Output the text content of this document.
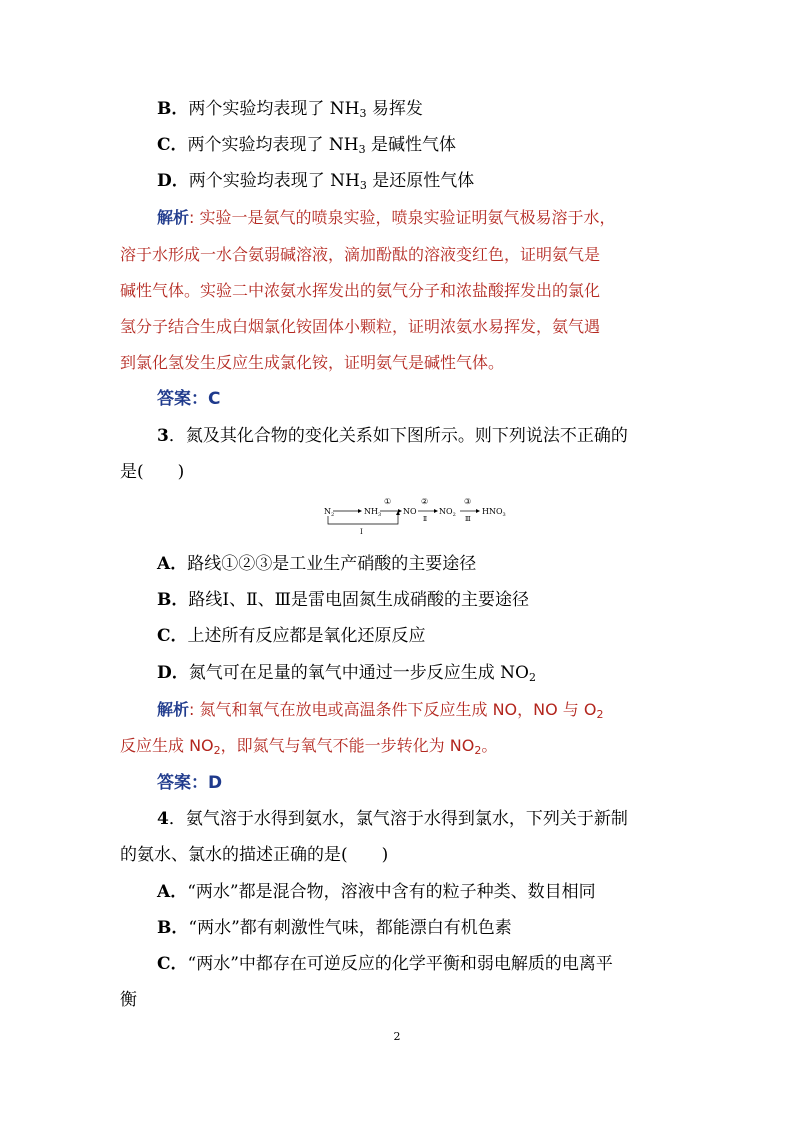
B．两个实验均表现了 $NH_3$ 易挥发
C．两个实验均表现了 $NH_3$ 是碱性气体
D．两个实验均表现了 $NH_3$ 是还原性气体
解析: 实验一是氨气的喷泉实验，喷泉实验证明氨气极易溶于水，
溶于水形成一水合氨弱碱溶液，滴加酚酞的溶液变红色，证明氨气是
碱性气体。实验二中浓氨水挥发出的氨气分子和浓盐酸挥发出的氯化
氢分子结合生成白烟氯化铵固体小颗粒，证明浓氨水易挥发，氨气遇
到氯化氢发生反应生成氯化铵，证明氨气是碱性气体。
答案：C
3．氮及其化合物的变化关系如下图所示。则下列说法不正确的
是(　　)
$N_2$	$NH_3$
①
NO
②
Ⅱ
$NO_2$
③
Ⅲ
$HNO_3$
Ⅰ
A．路线①②③是工业生产硝酸的主要途径
B．路线Ⅰ、Ⅱ、Ⅲ是雷电固氮生成硝酸的主要途径
C．上述所有反应都是氧化还原反应
D．氮气可在足量的氧气中通过一步反应生成 $NO_2$
解析: 氮气和氧气在放电或高温条件下反应生成 NO，NO 与 $O_2$
反应生成 $NO_2$，即氮气与氧气不能一步转化为 $NO_2$。
答案：D
4．氨气溶于水得到氨水，氯气溶于水得到氯水，下列关于新制
的氨水、氯水的描述正确的是(　　)
A．“两水”都是混合物，溶液中含有的粒子种类、数目相同
B．“两水”都有刺激性气味，都能漂白有机色素
C．“两水”中都存在可逆反应的化学平衡和弱电解质的电离平
衡
2
